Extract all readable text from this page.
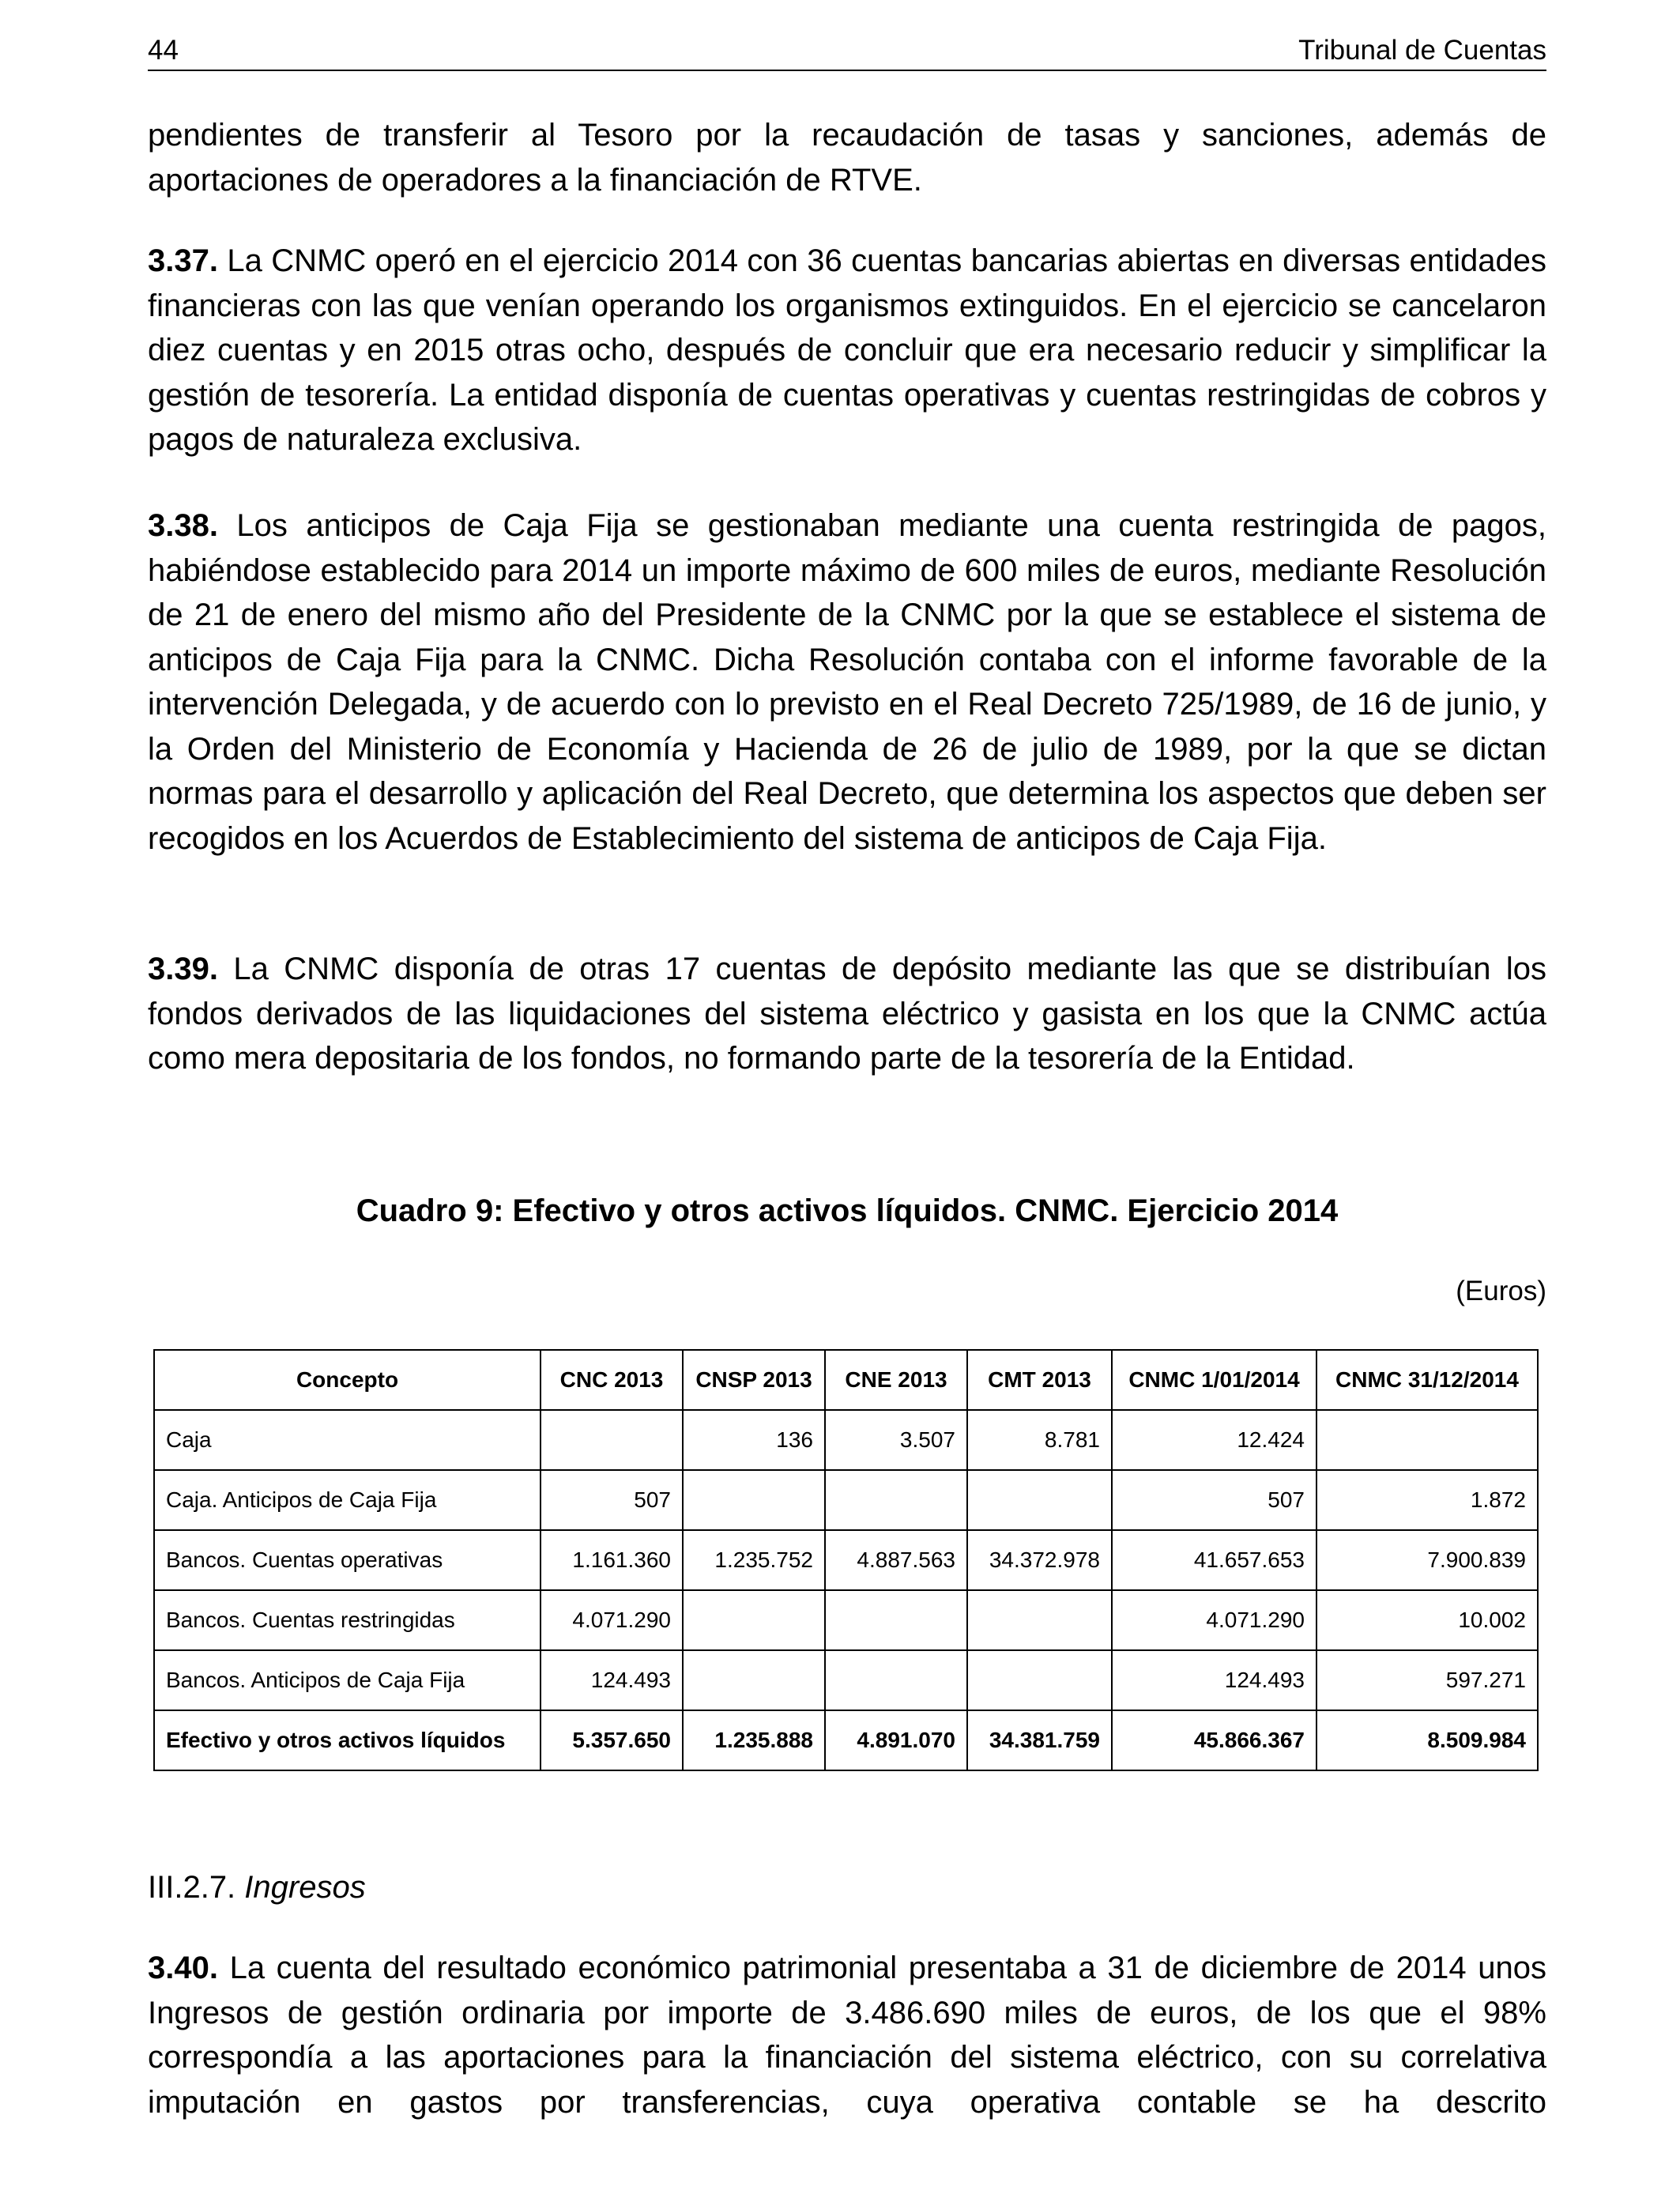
44	Tribunal de Cuentas

pendientes de transferir al Tesoro por la recaudación de tasas y sanciones, además de aportaciones de operadores a la financiación de RTVE.

3.37. La CNMC operó en el ejercicio 2014 con 36 cuentas bancarias abiertas en diversas entidades financieras con las que venían operando los organismos extinguidos. En el ejercicio se cancelaron diez cuentas y en 2015 otras ocho, después de concluir que era necesario reducir y simplificar la gestión de tesorería. La entidad disponía de cuentas operativas y cuentas restringidas de cobros y pagos de naturaleza exclusiva.

3.38. Los anticipos de Caja Fija se gestionaban mediante una cuenta restringida de pagos, habiéndose establecido para 2014 un importe máximo de 600 miles de euros, mediante Resolución de 21 de enero del mismo año del Presidente de la CNMC por la que se establece el sistema de anticipos de Caja Fija para la CNMC. Dicha Resolución contaba con el informe favorable de la intervención Delegada, y de acuerdo con lo previsto en el Real Decreto 725/1989, de 16 de junio, y la Orden del Ministerio de Economía y Hacienda de 26 de julio de 1989, por la que se dictan normas para el desarrollo y aplicación del Real Decreto, que determina los aspectos que deben ser recogidos en los Acuerdos de Establecimiento del sistema de anticipos de Caja Fija.

3.39. La CNMC disponía de otras 17 cuentas de depósito mediante las que se distribuían los fondos derivados de las liquidaciones del sistema eléctrico y gasista en los que la CNMC actúa como mera depositaria de los fondos, no formando parte de la tesorería de la Entidad.

Cuadro 9: Efectivo y otros activos líquidos. CNMC. Ejercicio 2014
(Euros)
Concepto	CNC 2013	CNSP 2013	CNE 2013	CMT 2013	CNMC 1/01/2014	CNMC 31/12/2014
Caja		136	3.507	8.781	12.424	
Caja. Anticipos de Caja Fija	507				507	1.872
Bancos. Cuentas operativas	1.161.360	1.235.752	4.887.563	34.372.978	41.657.653	7.900.839
Bancos. Cuentas restringidas	4.071.290				4.071.290	10.002
Bancos. Anticipos de Caja Fija	124.493				124.493	597.271
Efectivo y otros activos líquidos	5.357.650	1.235.888	4.891.070	34.381.759	45.866.367	8.509.984
III.2.7. Ingresos

3.40. La cuenta del resultado económico patrimonial presentaba a 31 de diciembre de 2014 unos Ingresos de gestión ordinaria por importe de 3.486.690 miles de euros, de los que el 98% correspondía a las aportaciones para la financiación del sistema eléctrico, con su correlativa imputación en gastos por transferencias, cuya operativa contable se ha descrito
